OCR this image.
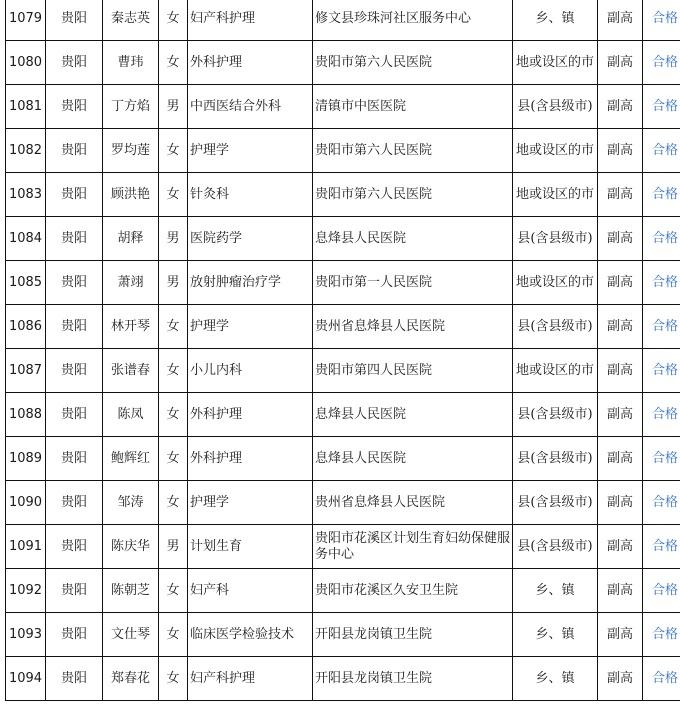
1079	贵阳	秦志英	女	妇产科护理	修文县珍珠河社区服务中心	乡、镇	副高	合格
1080	贵阳	曹玮	女	外科护理	贵阳市第六人民医院	地或设区的市	副高	合格
1081	贵阳	丁方焰	男	中西医结合外科	清镇市中医医院	县(含县级市)	副高	合格
1082	贵阳	罗均莲	女	护理学	贵阳市第六人民医院	地或设区的市	副高	合格
1083	贵阳	顾洪艳	女	针灸科	贵阳市第六人民医院	地或设区的市	副高	合格
1084	贵阳	胡释	男	医院药学	息烽县人民医院	县(含县级市)	副高	合格
1085	贵阳	萧翊	男	放射肿瘤治疗学	贵阳市第一人民医院	地或设区的市	副高	合格
1086	贵阳	林开琴	女	护理学	贵州省息烽县人民医院	县(含县级市)	副高	合格
1087	贵阳	张谱春	女	小儿内科	贵阳市第四人民医院	地或设区的市	副高	合格
1088	贵阳	陈凤	女	外科护理	息烽县人民医院	县(含县级市)	副高	合格
1089	贵阳	鲍辉红	女	外科护理	息烽县人民医院	县(含县级市)	副高	合格
1090	贵阳	邹涛	女	护理学	贵州省息烽县人民医院	县(含县级市)	副高	合格
1091	贵阳	陈庆华	男	计划生育	贵阳市花溪区计划生育妇幼保健服务中心	县(含县级市)	副高	合格
1092	贵阳	陈朝芝	女	妇产科	贵阳市花溪区久安卫生院	乡、镇	副高	合格
1093	贵阳	文仕琴	女	临床医学检验技术	开阳县龙岗镇卫生院	乡、镇	副高	合格
1094	贵阳	郑春花	女	妇产科护理	开阳县龙岗镇卫生院	乡、镇	副高	合格
